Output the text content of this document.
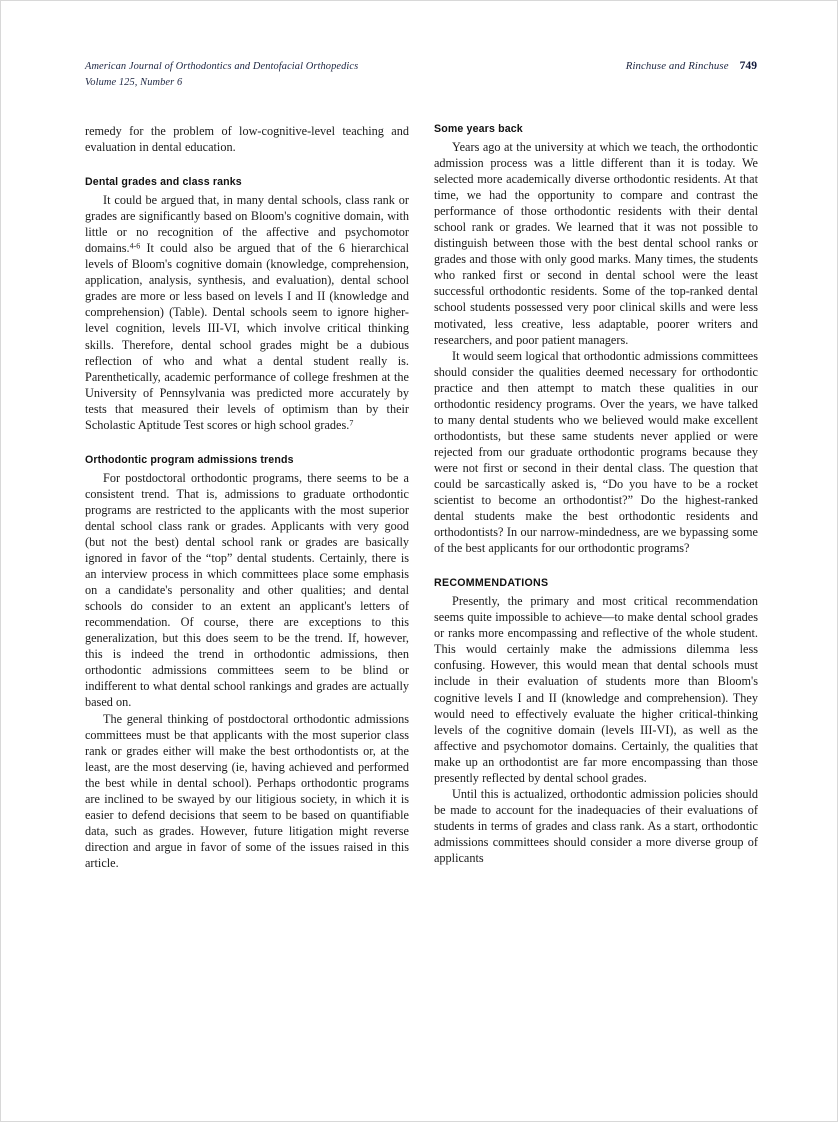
American Journal of Orthodontics and Dentofacial Orthopedics
Volume 125, Number 6
Rinchuse and Rinchuse 749

remedy for the problem of low-cognitive-level teaching and evaluation in dental education.

Dental grades and class ranks

It could be argued that, in many dental schools, class rank or grades are significantly based on Bloom's cognitive domain, with little or no recognition of the affective and psychomotor domains.$^{4-6}$ It could also be argued that of the 6 hierarchical levels of Bloom's cognitive domain (knowledge, comprehension, application, analysis, synthesis, and evaluation), dental school grades are more or less based on levels I and II (knowledge and comprehension) (Table). Dental schools seem to ignore higher-level cognition, levels III-VI, which involve critical thinking skills. Therefore, dental school grades might be a dubious reflection of who and what a dental student really is. Parenthetically, academic performance of college freshmen at the University of Pennsylvania was predicted more accurately by tests that measured their levels of optimism than by their Scholastic Aptitude Test scores or high school grades.$^7$

Orthodontic program admissions trends

For postdoctoral orthodontic programs, there seems to be a consistent trend. That is, admissions to graduate orthodontic programs are restricted to the applicants with the most superior dental school class rank or grades. Applicants with very good (but not the best) dental school rank or grades are basically ignored in favor of the “top” dental students. Certainly, there is an interview process in which committees place some emphasis on a candidate's personality and other qualities; and dental schools do consider to an extent an applicant's letters of recommendation. Of course, there are exceptions to this generalization, but this does seem to be the trend. If, however, this is indeed the trend in orthodontic admissions, then orthodontic admissions committees seem to be blind or indifferent to what dental school rankings and grades are actually based on.

The general thinking of postdoctoral orthodontic admissions committees must be that applicants with the most superior class rank or grades either will make the best orthodontists or, at the least, are the most deserving (ie, having achieved and performed the best while in dental school). Perhaps orthodontic programs are inclined to be swayed by our litigious society, in which it is easier to defend decisions that seem to be based on quantifiable data, such as grades. However, future litigation might reverse direction and argue in favor of some of the issues raised in this article.

Some years back

Years ago at the university at which we teach, the orthodontic admission process was a little different than it is today. We selected more academically diverse orthodontic residents. At that time, we had the opportunity to compare and contrast the performance of those orthodontic residents with their dental school rank or grades. We learned that it was not possible to distinguish between those with the best dental school ranks or grades and those with only good marks. Many times, the students who ranked first or second in dental school were the least successful orthodontic residents. Some of the top-ranked dental school students possessed very poor clinical skills and were less motivated, less creative, less adaptable, poorer writers and researchers, and poor patient managers.

It would seem logical that orthodontic admissions committees should consider the qualities deemed necessary for orthodontic practice and then attempt to match these qualities in our orthodontic residency programs. Over the years, we have talked to many dental students who we believed would make excellent orthodontists, but these same students never applied or were rejected from our graduate orthodontic programs because they were not first or second in their dental class. The question that could be sarcastically asked is, “Do you have to be a rocket scientist to become an orthodontist?” Do the highest-ranked dental students make the best orthodontic residents and orthodontists? In our narrow-mindedness, are we bypassing some of the best applicants for our orthodontic programs?

RECOMMENDATIONS

Presently, the primary and most critical recommendation seems quite impossible to achieve—to make dental school grades or ranks more encompassing and reflective of the whole student. This would certainly make the admissions dilemma less confusing. However, this would mean that dental schools must include in their evaluation of students more than Bloom's cognitive levels I and II (knowledge and comprehension). They would need to effectively evaluate the higher critical-thinking levels of the cognitive domain (levels III-VI), as well as the affective and psychomotor domains. Certainly, the qualities that make up an orthodontist are far more encompassing than those presently reflected by dental school grades.

Until this is actualized, orthodontic admission policies should be made to account for the inadequacies of their evaluations of students in terms of grades and class rank. As a start, orthodontic admissions committees should consider a more diverse group of applicants
